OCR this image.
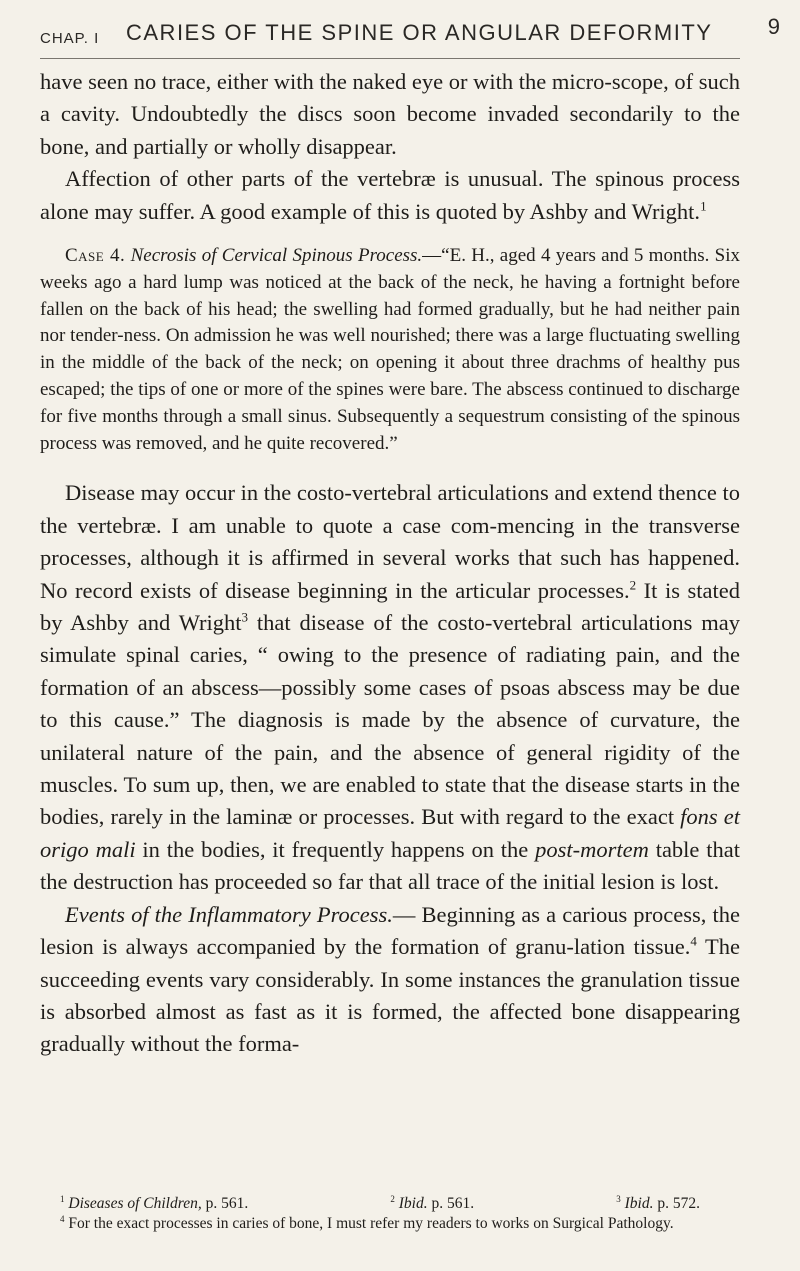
CHAP. I CARIES OF THE SPINE OR ANGULAR DEFORMITY	9

have seen no trace, either with the naked eye or with the micro-scope, of such a cavity. Undoubtedly the discs soon become invaded secondarily to the bone, and partially or wholly disappear.

Affection of other parts of the vertebræ is unusual. The spinous process alone may suffer. A good example of this is quoted by Ashby and Wright.$^1$

Case 4. Necrosis of Cervical Spinous Process.—“E. H., aged 4 years and 5 months. Six weeks ago a hard lump was noticed at the back of the neck, he having a fortnight before fallen on the back of his head; the swelling had formed gradually, but he had neither pain nor tender-ness. On admission he was well nourished; there was a large fluctuating swelling in the middle of the back of the neck; on opening it about three drachms of healthy pus escaped; the tips of one or more of the spines were bare. The abscess continued to discharge for five months through a small sinus. Subsequently a sequestrum consisting of the spinous process was removed, and he quite recovered.”

Disease may occur in the costo-vertebral articulations and extend thence to the vertebræ. I am unable to quote a case com-mencing in the transverse processes, although it is affirmed in several works that such has happened. No record exists of disease beginning in the articular processes.$^2$ It is stated by Ashby and Wright$^3$ that disease of the costo-vertebral articulations may simulate spinal caries, “ owing to the presence of radiating pain, and the formation of an abscess—possibly some cases of psoas abscess may be due to this cause.” The diagnosis is made by the absence of curvature, the unilateral nature of the pain, and the absence of general rigidity of the muscles. To sum up, then, we are enabled to state that the disease starts in the bodies, rarely in the laminæ or processes. But with regard to the exact fons et origo mali in the bodies, it frequently happens on the post-mortem table that the destruction has proceeded so far that all trace of the initial lesion is lost.

Events of the Inflammatory Process.— Beginning as a carious process, the lesion is always accompanied by the formation of granu-lation tissue.$^4$ The succeeding events vary considerably. In some instances the granulation tissue is absorbed almost as fast as it is formed, the affected bone disappearing gradually without the forma-

$^1$ Diseases of Children, p. 561.	$^2$ Ibid. p. 561.	$^3$ Ibid. p. 572.

$^4$ For the exact processes in caries of bone, I must refer my readers to works on Surgical Pathology.
